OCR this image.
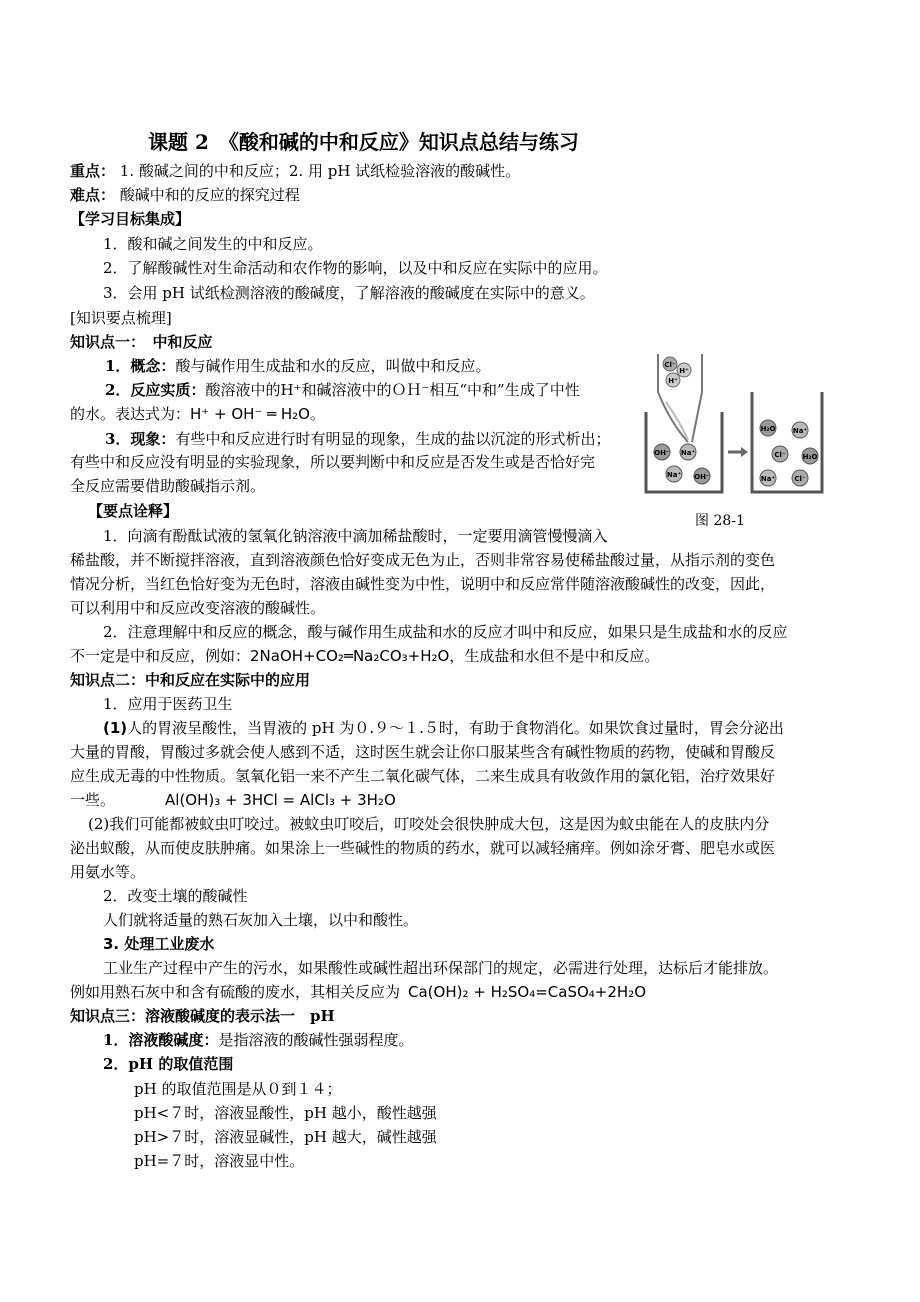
课题 2　《酸和碱的中和反应》知识点总结与练习
重点： 1. 酸碱之间的中和反应；2. 用 pH 试纸检验溶液的酸碱性。
难点： 酸碱中和的反应的探究过程
【学习目标集成】
1．酸和碱之间发生的中和反应。
2．了解酸碱性对生命活动和农作物的影响，以及中和反应在实际中的应用。
3．会用 pH 试纸检测溶液的酸碱度，了解溶液的酸碱度在实际中的意义。
[知识要点梳理]
知识点一：　中和反应
1．概念：酸与碱作用生成盐和水的反应，叫做中和反应。
2．反应实质：酸溶液中的H⁺和碱溶液中的ＯＨ⁻相互“中和”生成了中性
的水。表达式为：H⁺ + OH⁻ ═ H₂O。
3．现象：有些中和反应进行时有明显的现象，生成的盐以沉淀的形式析出；
有些中和反应没有明显的实验现象，所以要判断中和反应是否发生或是否恰好完
全反应需要借助酸碱指示剂。
Cl⁻
H⁺
H⁺
OH⁻ Na⁺
Na⁺ OH⁻
H₂O Na⁺
Cl⁻ H₂O
Na⁺	Cl⁻
图 28-1
【要点诠释】
1．向滴有酚酞试液的氢氧化钠溶液中滴加稀盐酸时，一定要用滴管慢慢滴入
稀盐酸，并不断搅拌溶液，直到溶液颜色恰好变成无色为止，否则非常容易使稀盐酸过量，从指示剂的变色
情况分析，当红色恰好变为无色时，溶液由碱性变为中性，说明中和反应常伴随溶液酸碱性的改变，因此，
可以利用中和反应改变溶液的酸碱性。
2．注意理解中和反应的概念，酸与碱作用生成盐和水的反应才叫中和反应，如果只是生成盐和水的反应
不一定是中和反应，例如：2NaOH+CO₂═Na₂CO₃+H₂O，生成盐和水但不是中和反应。
知识点二：中和反应在实际中的应用
1．应用于医药卫生
(1)人的胃液呈酸性，当胃液的 pH 为０.９～１.５时，有助于食物消化。如果饮食过量时，胃会分泌出
大量的胃酸，胃酸过多就会使人感到不适，这时医生就会让你口服某些含有碱性物质的药物，使碱和胃酸反
应生成无毒的中性物质。氢氧化铝一来不产生二氧化碳气体，二来生成具有收敛作用的氯化铝，治疗效果好
一些。	Al(OH)₃ + 3HCl = AlCl₃ + 3H₂O
(2)我们可能都被蚊虫叮咬过。被蚊虫叮咬后，叮咬处会很快肿成大包，这是因为蚊虫能在人的皮肤内分
泌出蚁酸，从而使皮肤肿痛。如果涂上一些碱性的物质的药水，就可以减轻痛痒。例如涂牙膏、肥皂水或医
用氨水等。
2．改变土壤的酸碱性
人们就将适量的熟石灰加入土壤，以中和酸性。
3. 处理工业废水
工业生产过程中产生的污水，如果酸性或碱性超出环保部门的规定，必需进行处理，达标后才能排放。
例如用熟石灰中和含有硫酸的废水，其相关反应为 Ca(OH)₂ + H₂SO₄=CaSO₄+2H₂O
知识点三：溶液酸碱度的表示法一　pH
1．溶液酸碱度：是指溶液的酸碱性强弱程度。
2．pH 的取值范围
pH 的取值范围是从０到１４；
pH<７时，溶液显酸性，pH 越小，酸性越强
pH>７时，溶液显碱性，pH 越大，碱性越强
pH=７时，溶液显中性。
